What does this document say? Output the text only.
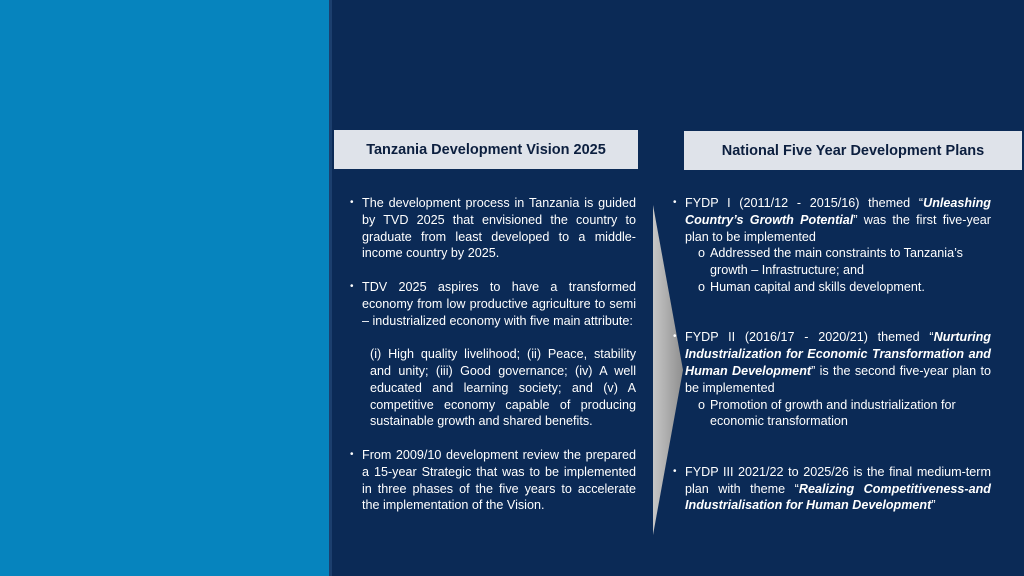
Tanzania Development Vision 2025	National Five Year Development Plans
• The development process in Tanzania is guided by TVD 2025 that envisioned the country to graduate from least developed to a middle-income country by 2025.
• TDV 2025 aspires to have a transformed economy from low productive agriculture to semi – industrialized economy with five main attribute:
(i) High quality livelihood; (ii) Peace, stability and unity; (iii) Good governance; (iv) A well educated and learning society; and (v) A competitive economy capable of producing sustainable growth and shared benefits.
• From 2009/10 development review the prepared a 15-year Strategic that was to be implemented in three phases of the five years to accelerate the implementation of the Vision.
• FYDP I (2011/12 - 2015/16) themed “Unleashing Country’s Growth Potential” was the first five-year plan to be implemented
o Addressed the main constraints to Tanzania’s growth – Infrastructure; and
o Human capital and skills development.
• FYDP II (2016/17 - 2020/21) themed “Nurturing Industrialization for Economic Transformation and Human Development” is the second five-year plan to be implemented
o Promotion of growth and industrialization for economic transformation
• FYDP III 2021/22 to 2025/26 is the final medium-term plan with theme “Realizing Competitiveness-and Industrialisation for Human Development”
